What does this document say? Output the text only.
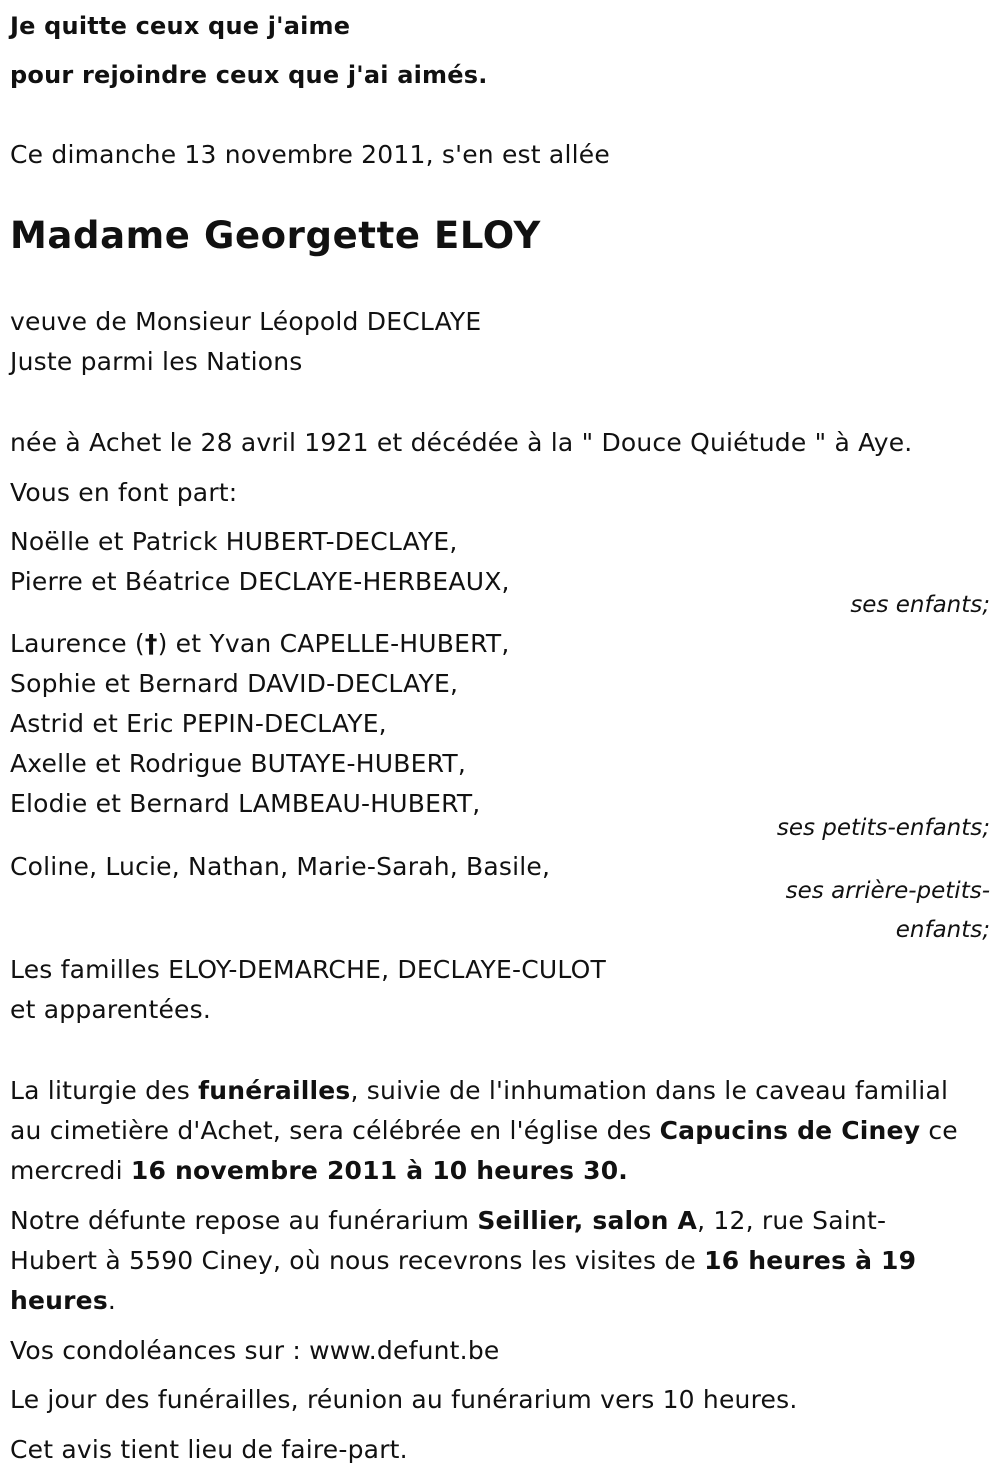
Je quitte ceux que j'aime
pour rejoindre ceux que j'ai aimés.
Ce dimanche 13 novembre 2011, s'en est allée
Madame Georgette ELOY
veuve de Monsieur Léopold DECLAYE
Juste parmi les Nations
née à Achet le 28 avril 1921 et décédée à la " Douce Quiétude " à Aye.
Vous en font part:
Noëlle et Patrick HUBERT-DECLAYE,
Pierre et Béatrice DECLAYE-HERBEAUX,
ses enfants;
Laurence (†) et Yvan CAPELLE-HUBERT,
Sophie et Bernard DAVID-DECLAYE,
Astrid et Eric PEPIN-DECLAYE,
Axelle et Rodrigue BUTAYE-HUBERT,
Elodie et Bernard LAMBEAU-HUBERT,
ses petits-enfants;
Coline, Lucie, Nathan, Marie-Sarah, Basile,
ses arrière-petits-
enfants;
Les familles ELOY-DEMARCHE, DECLAYE-CULOT
et apparentées.
La liturgie des funérailles, suivie de l'inhumation dans le caveau familial
au cimetière d'Achet, sera célébrée en l'église des Capucins de Ciney ce
mercredi 16 novembre 2011 à 10 heures 30.
Notre défunte repose au funérarium Seillier, salon A, 12, rue Saint-
Hubert à 5590 Ciney, où nous recevrons les visites de 16 heures à 19
heures.
Vos condoléances sur : www.defunt.be
Le jour des funérailles, réunion au funérarium vers 10 heures.
Cet avis tient lieu de faire-part.
